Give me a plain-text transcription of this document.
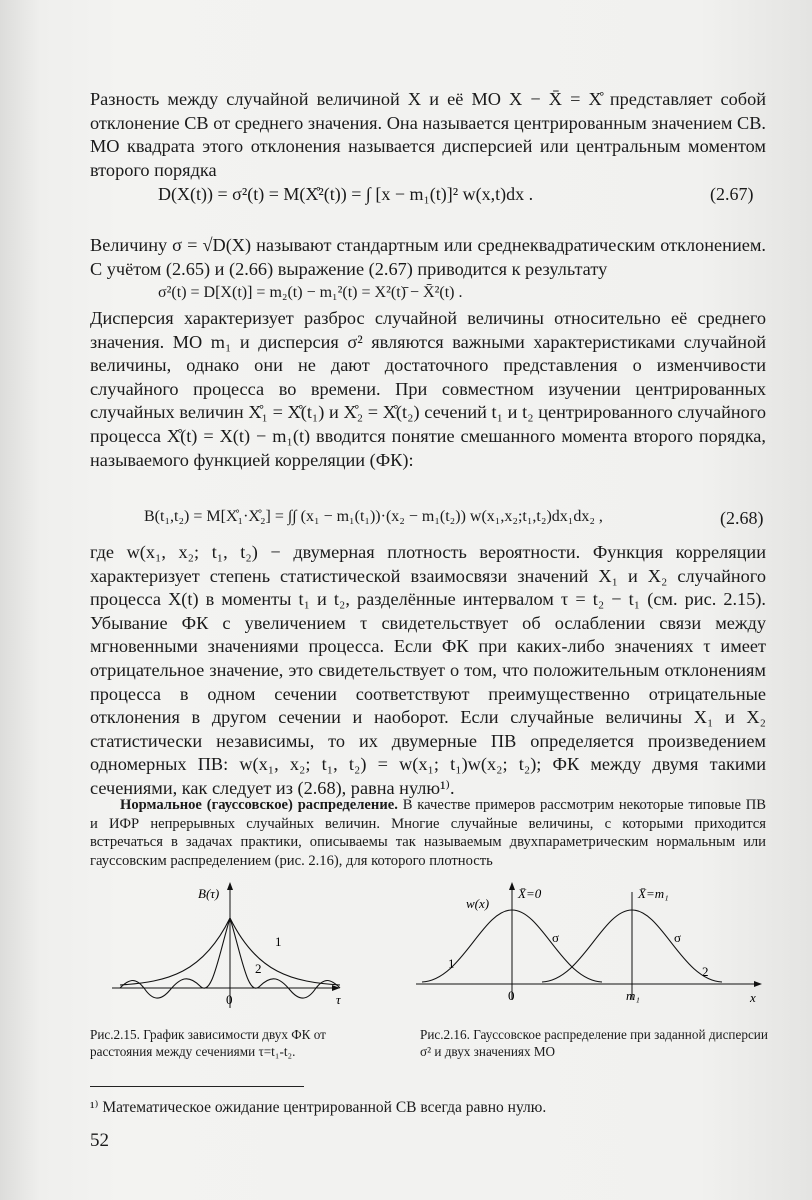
Разность между случайной величиной X и её МО X − X̄ = X̊ представляет собой отклонение СВ от среднего значения. Она называется центрированным значением СВ. МО квадрата этого отклонения называется дисперсией или центральным моментом второго порядка

D(X(t)) = σ²(t) = M(X̊²(t)) = ∫ [x − m₁(t)]² w(x,t)dx .	(2.67)

Величину σ = √D(X) называют стандартным или среднеквадратическим отклонением. С учётом (2.65) и (2.66) выражение (2.67) приводится к результату

σ²(t) = D[X(t)] = m₂(t) − m₁²(t) = X²(t)̄ − X̄²(t) .

Дисперсия характеризует разброс случайной величины относительно её среднего значения. МО m₁ и дисперсия σ² являются важными характеристиками случайной величины, однако они не дают достаточного представления о изменчивости случайного процесса во времени. При совместном изучении центрированных случайных величин X̊₁ = X̊(t₁) и X̊₂ = X̊(t₂) сечений t₁ и t₂ центрированного случайного процесса X̊(t) = X(t) − m₁(t) вводится понятие смешанного момента второго порядка, называемого функцией корреляции (ФК):

B(t₁,t₂) = M[X̊₁·X̊₂] = ∫∫ (x₁ − m₁(t₁))·(x₂ − m₁(t₂)) w(x₁,x₂;t₁,t₂)dx₁dx₂ ,	(2.68)

где w(x₁, x₂; t₁, t₂) − двумерная плотность вероятности. Функция корреляции характеризует степень статистической взаимосвязи значений X₁ и X₂ случайного процесса X(t) в моменты t₁ и t₂, разделённые интервалом τ = t₂ − t₁ (см. рис. 2.15). Убывание ФК с увеличением τ свидетельствует об ослаблении связи между мгновенными значениями процесса. Если ФК при каких-либо значениях τ имеет отрицательное значение, это свидетельствует о том, что положительным отклонениям процесса в одном сечении соответствуют преимущественно отрицательные отклонения в другом сечении и наоборот. Если случайные величины X₁ и X₂ статистически независимы, то их двумерные ПВ определяется произведением одномерных ПВ: w(x₁, x₂; t₁, t₂) = w(x₁; t₁)w(x₂; t₂); ФК между двумя такими сечениями, как следует из (2.68), равна нулю¹⁾.

Нормальное (гауссовское) распределение. В качестве примеров рассмотрим некоторые типовые ПВ и ИФР непрерывных случайных величин. Многие случайные величины, с которыми приходится встречаться в задачах практики, описываемы так называемым двухпараметрическим нормальным или гауссовским распределением (рис. 2.16), для которого плотность

B(τ)
τ
0
1
2
Рис.2.15. График зависимости двух ФК от расстояния между сечениями τ=t₁-t₂.
w(x)
X̄=0	X̄=m₁
σ	σ
1
2
0	m₁	x
Рис.2.16. Гауссовское распределение при заданной дисперсии σ² и двух значениях МО
¹⁾ Математическое ожидание центрированной СВ всегда равно нулю.
52
